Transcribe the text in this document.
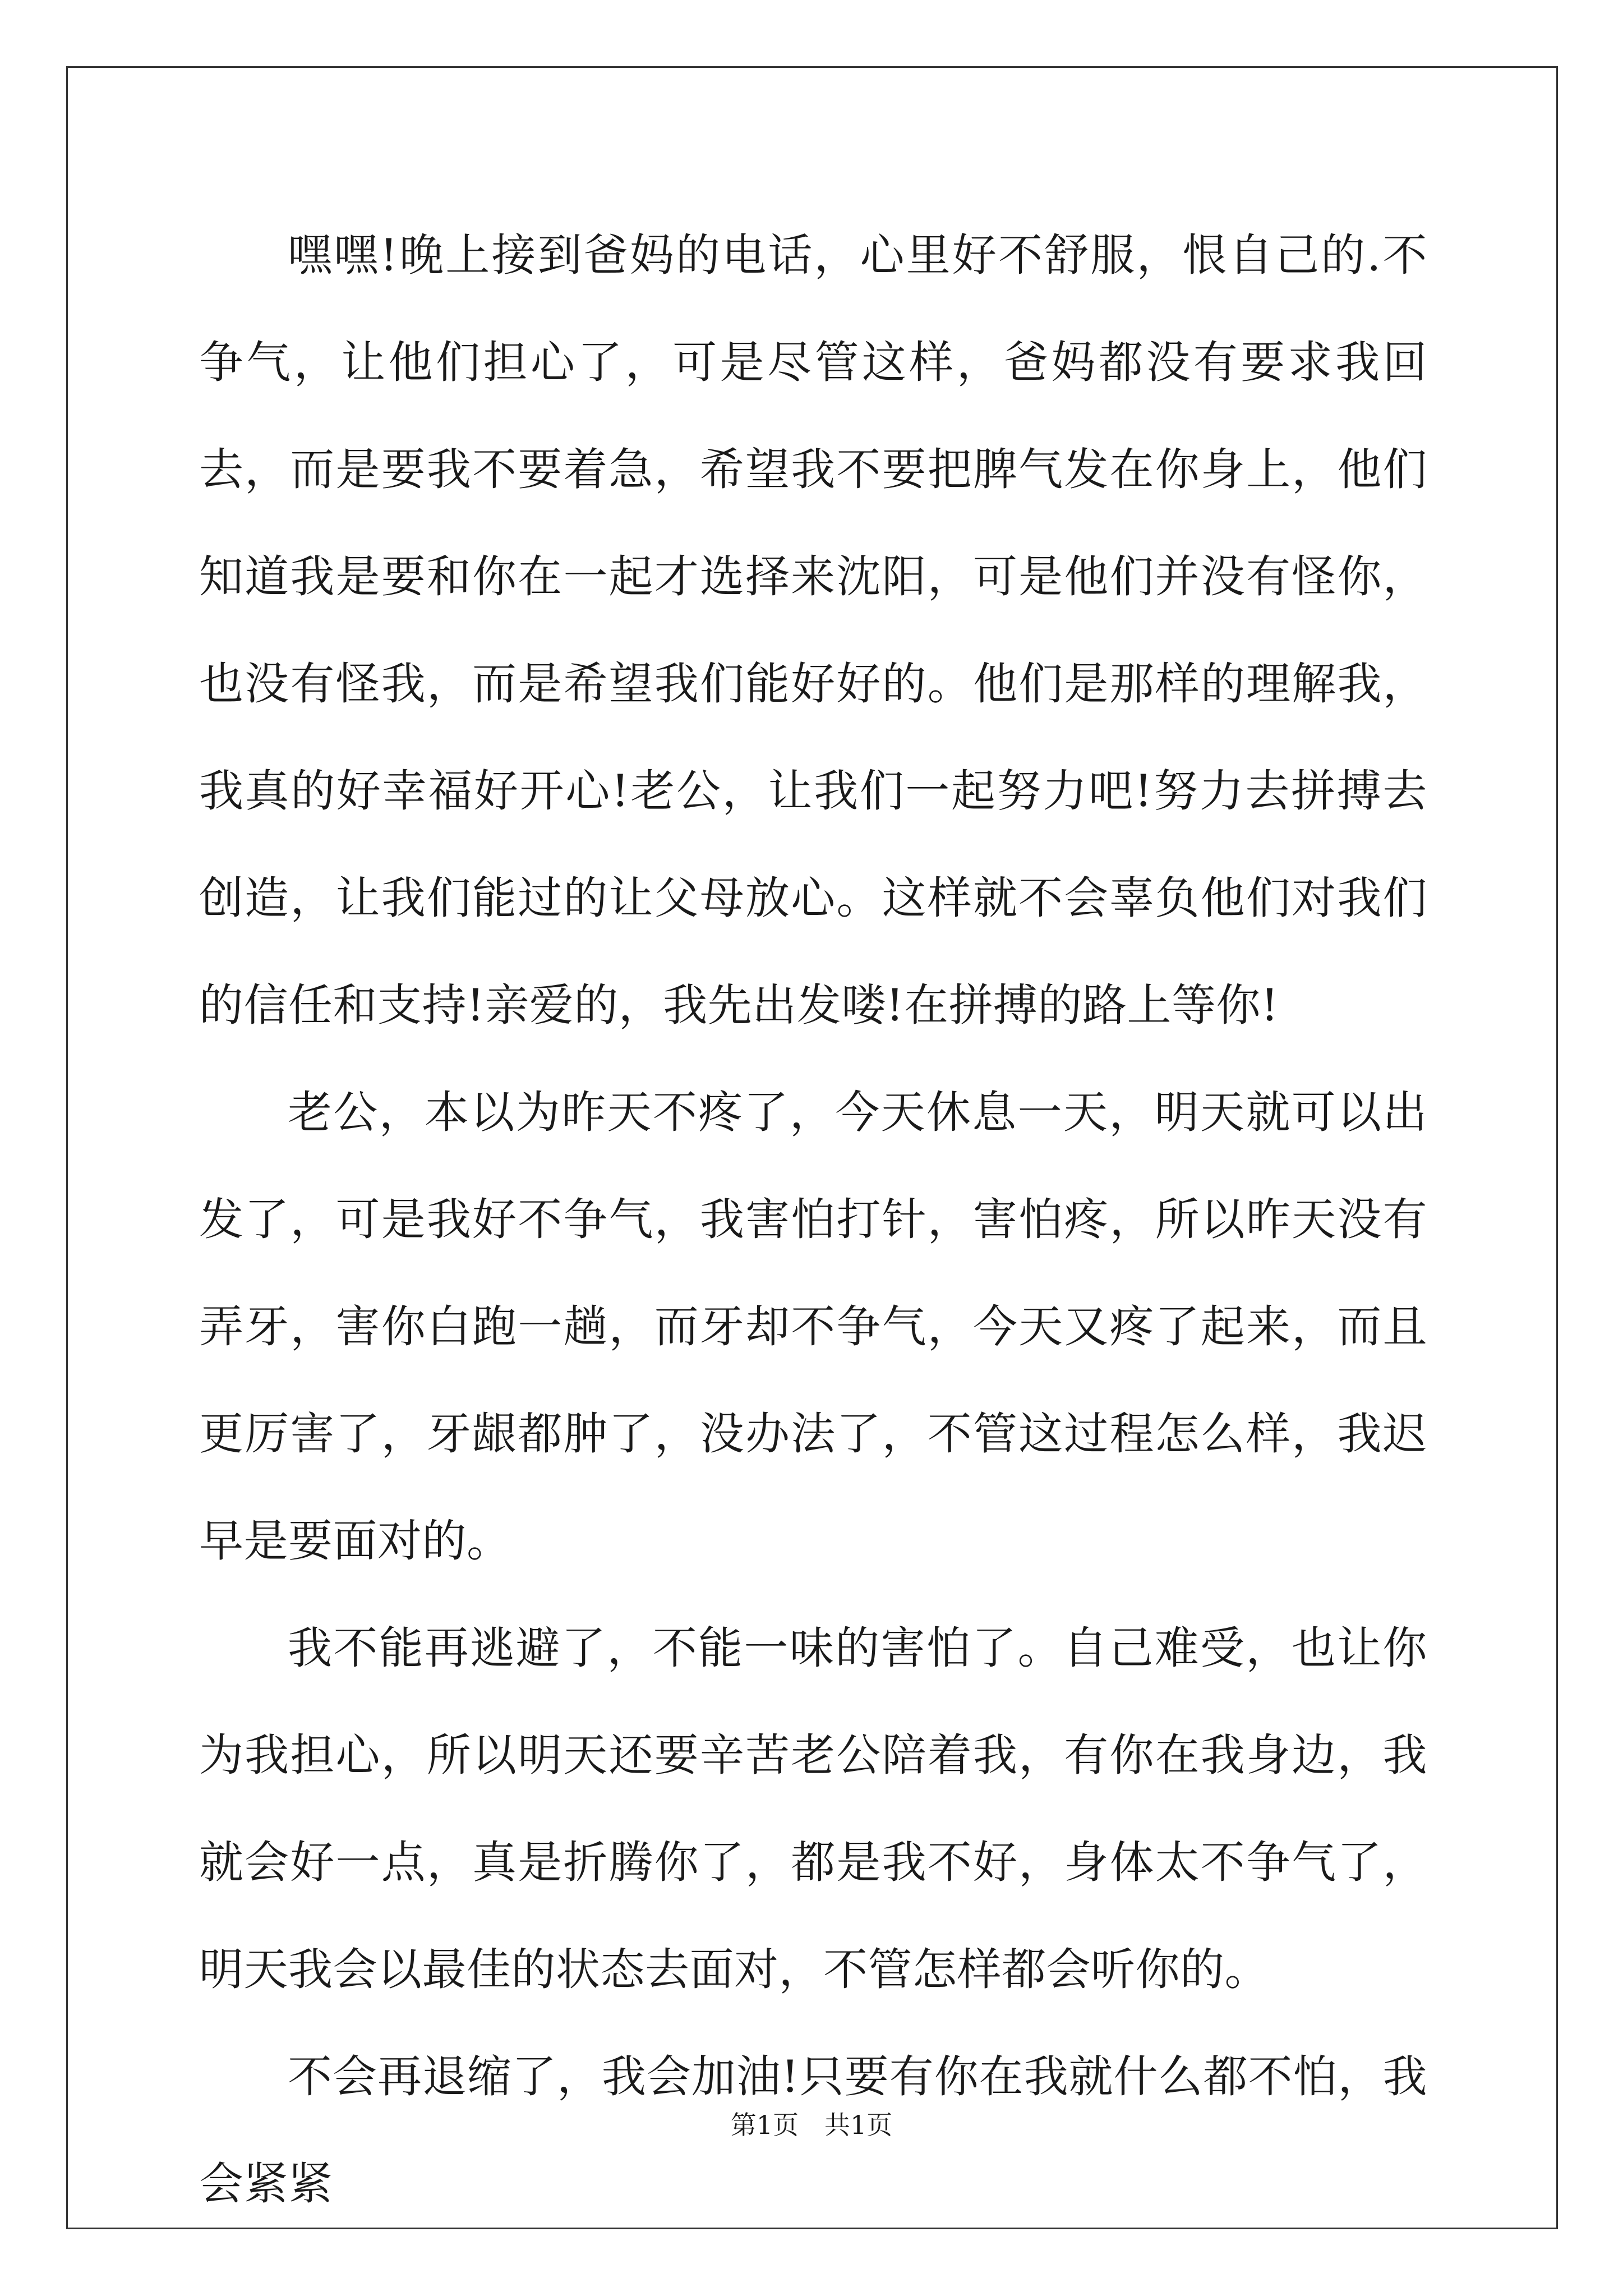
嘿嘿!晚上接到爸妈的电话，心里好不舒服，恨自己的.不争气，让他们担心了，可是尽管这样，爸妈都没有要求我回去，而是要我不要着急，希望我不要把脾气发在你身上，他们知道我是要和你在一起才选择来沈阳，可是他们并没有怪你，也没有怪我，而是希望我们能好好的。他们是那样的理解我，我真的好幸福好开心!老公，让我们一起努力吧!努力去拼搏去创造，让我们能过的让父母放心。这样就不会辜负他们对我们的信任和支持!亲爱的，我先出发喽!在拼搏的路上等你!

老公，本以为昨天不疼了，今天休息一天，明天就可以出发了，可是我好不争气，我害怕打针，害怕疼，所以昨天没有弄牙，害你白跑一趟，而牙却不争气，今天又疼了起来，而且更厉害了，牙龈都肿了，没办法了，不管这过程怎么样，我迟早是要面对的。

我不能再逃避了，不能一味的害怕了。自己难受，也让你为我担心，所以明天还要辛苦老公陪着我，有你在我身边，我就会好一点，真是折腾你了，都是我不好，身体太不争气了，明天我会以最佳的状态去面对，不管怎样都会听你的。

不会再退缩了，我会加油!只要有你在我就什么都不怕，我会紧紧

第1页　共1页
